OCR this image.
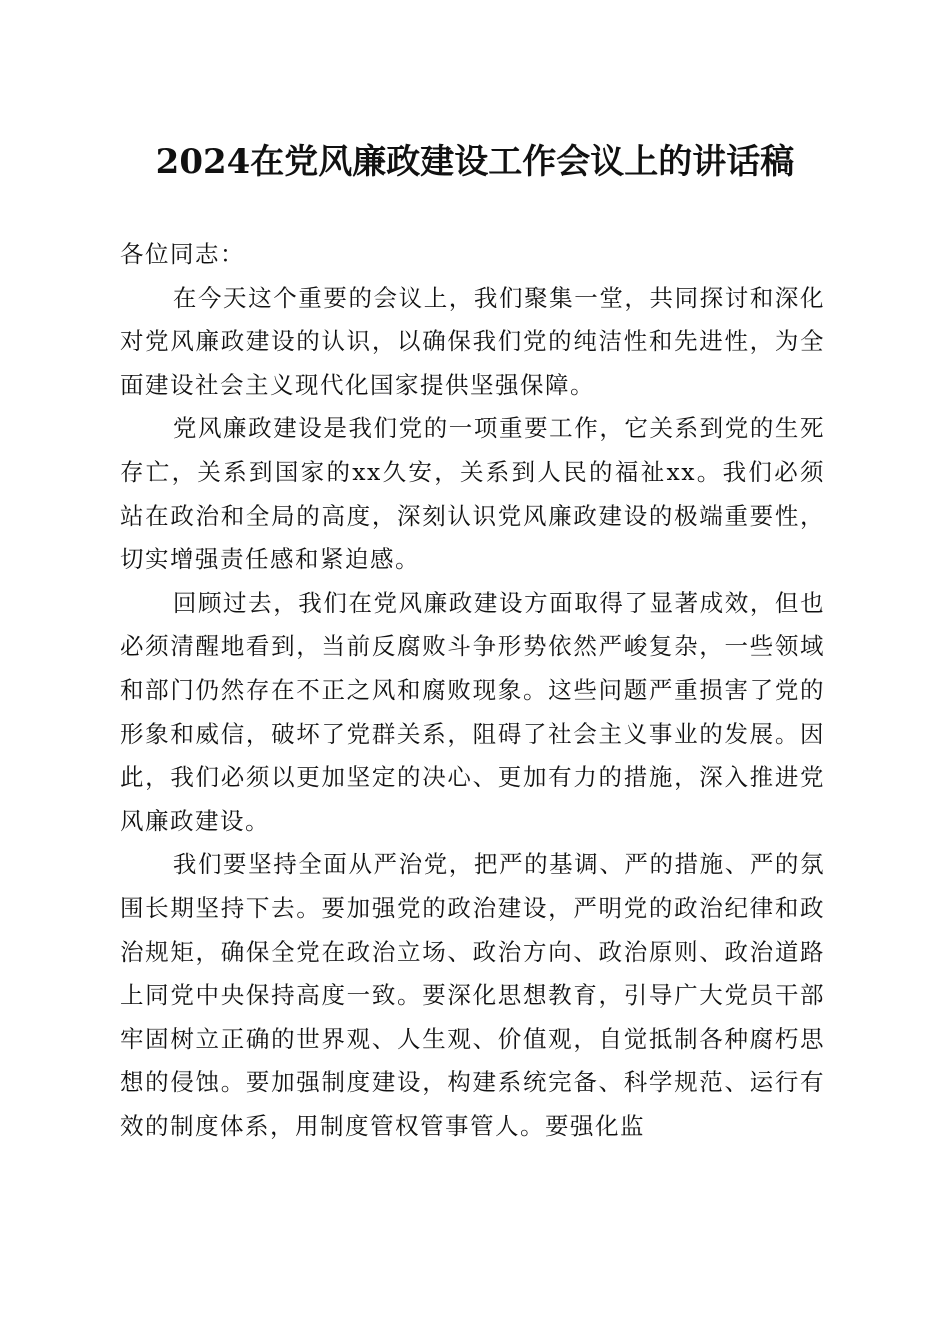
2024在党风廉政建设工作会议上的讲话稿

各位同志：

在今天这个重要的会议上，我们聚集一堂，共同探讨和深化对党风廉政建设的认识，以确保我们党的纯洁性和先进性，为全面建设社会主义现代化国家提供坚强保障。

党风廉政建设是我们党的一项重要工作，它关系到党的生死存亡，关系到国家的xx久安，关系到人民的福祉xx。我们必须站在政治和全局的高度，深刻认识党风廉政建设的极端重要性，切实增强责任感和紧迫感。

回顾过去，我们在党风廉政建设方面取得了显著成效，但也必须清醒地看到，当前反腐败斗争形势依然严峻复杂，一些领域和部门仍然存在不正之风和腐败现象。这些问题严重损害了党的形象和威信，破坏了党群关系，阻碍了社会主义事业的发展。因此，我们必须以更加坚定的决心、更加有力的措施，深入推进党风廉政建设。

我们要坚持全面从严治党，把严的基调、严的措施、严的氛围长期坚持下去。要加强党的政治建设，严明党的政治纪律和政治规矩，确保全党在政治立场、政治方向、政治原则、政治道路上同党中央保持高度一致。要深化思想教育，引导广大党员干部牢固树立正确的世界观、人生观、价值观，自觉抵制各种腐朽思想的侵蚀。要加强制度建设，构建系统完备、科学规范、运行有效的制度体系，用制度管权管事管人。要强化监
